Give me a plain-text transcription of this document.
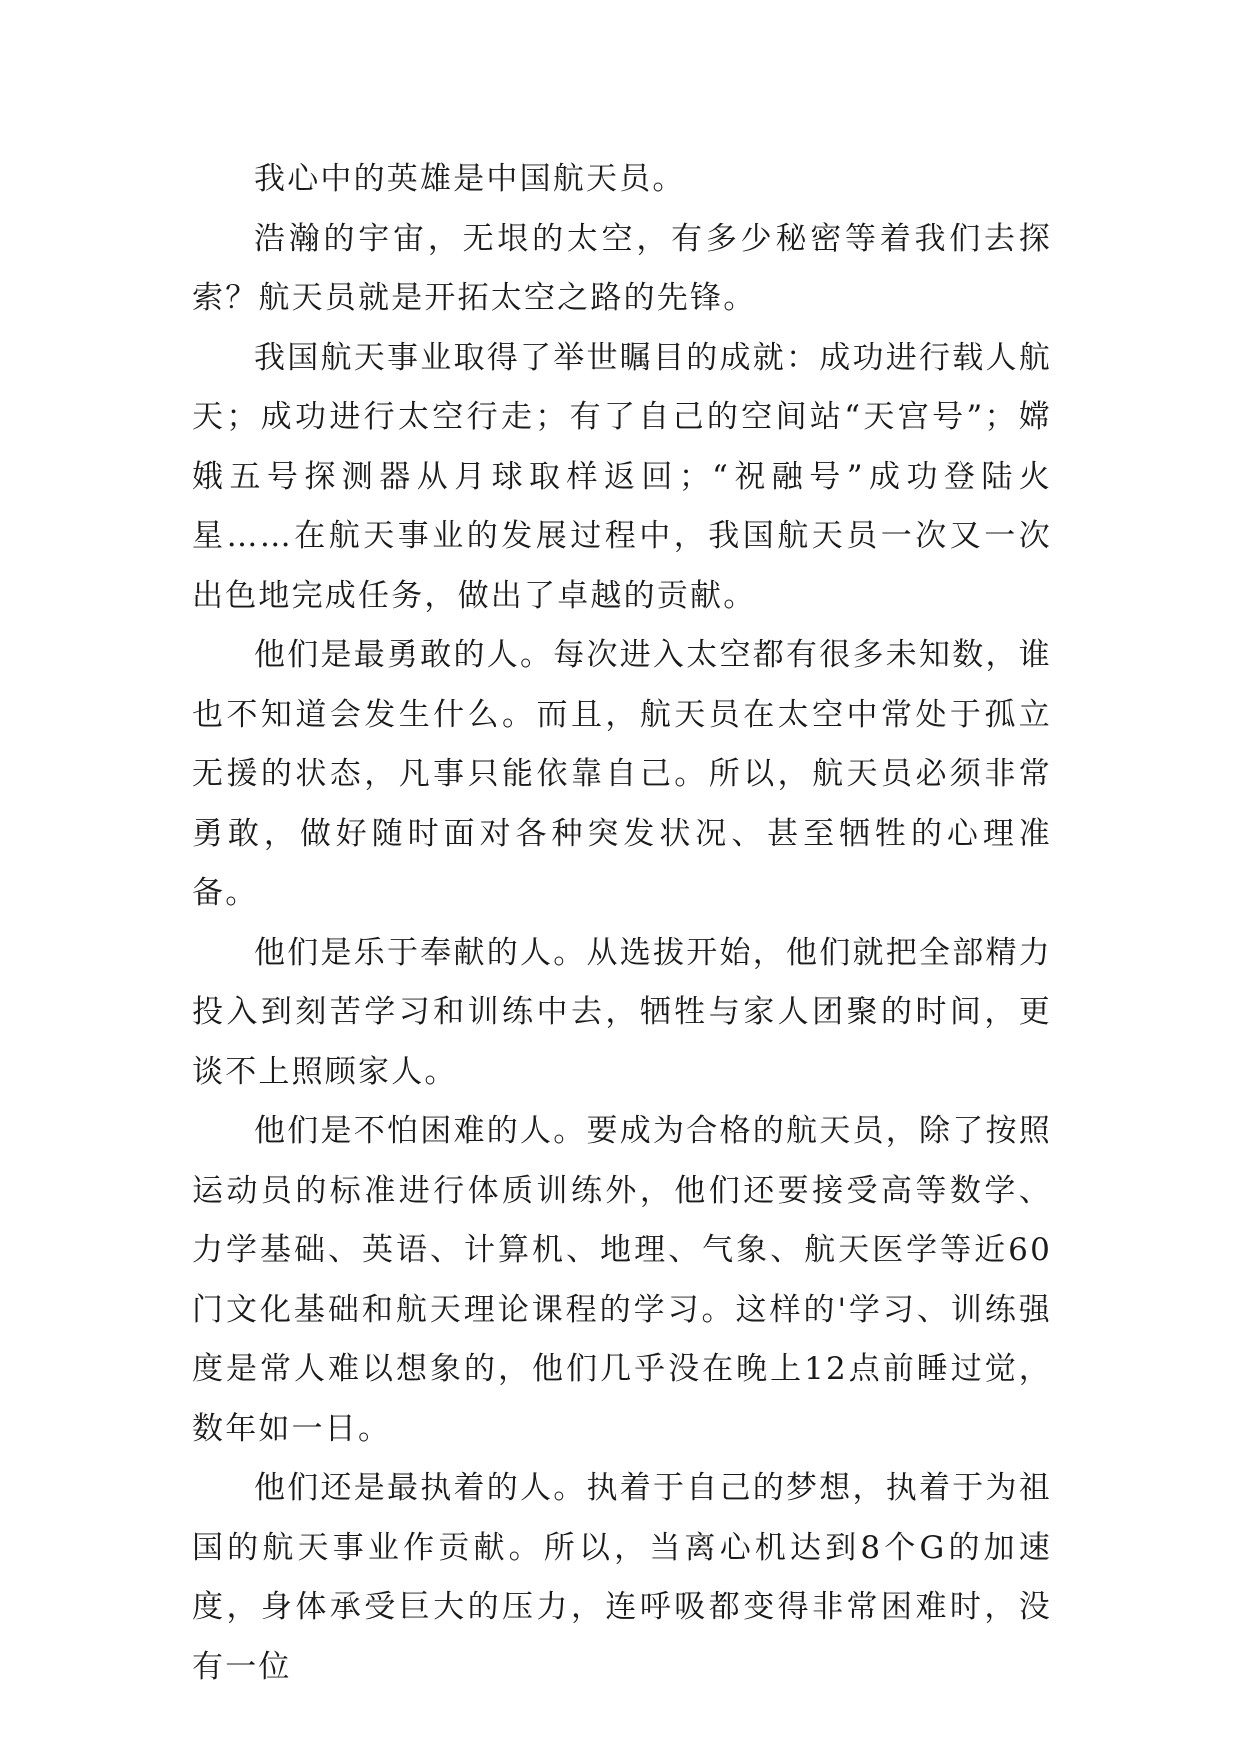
我心中的英雄是中国航天员。

浩瀚的宇宙，无垠的太空，有多少秘密等着我们去探索？航天员就是开拓太空之路的先锋。

我国航天事业取得了举世瞩目的成就：成功进行载人航天；成功进行太空行走；有了自己的空间站“天宫号”；嫦娥五号探测器从月球取样返回；“祝融号”成功登陆火星……在航天事业的发展过程中，我国航天员一次又一次出色地完成任务，做出了卓越的贡献。

他们是最勇敢的人。每次进入太空都有很多未知数，谁也不知道会发生什么。而且，航天员在太空中常处于孤立无援的状态，凡事只能依靠自己。所以，航天员必须非常勇敢，做好随时面对各种突发状况、甚至牺牲的心理准备。

他们是乐于奉献的人。从选拔开始，他们就把全部精力投入到刻苦学习和训练中去，牺牲与家人团聚的时间，更谈不上照顾家人。

他们是不怕困难的人。要成为合格的航天员，除了按照运动员的标准进行体质训练外，他们还要接受高等数学、力学基础、英语、计算机、地理、气象、航天医学等近60门文化基础和航天理论课程的学习。这样的'学习、训练强度是常人难以想象的，他们几乎没在晚上12点前睡过觉，数年如一日。

他们还是最执着的人。执着于自己的梦想，执着于为祖国的航天事业作贡献。所以，当离心机达到8个G的加速度，身体承受巨大的压力，连呼吸都变得非常困难时，没有一位
